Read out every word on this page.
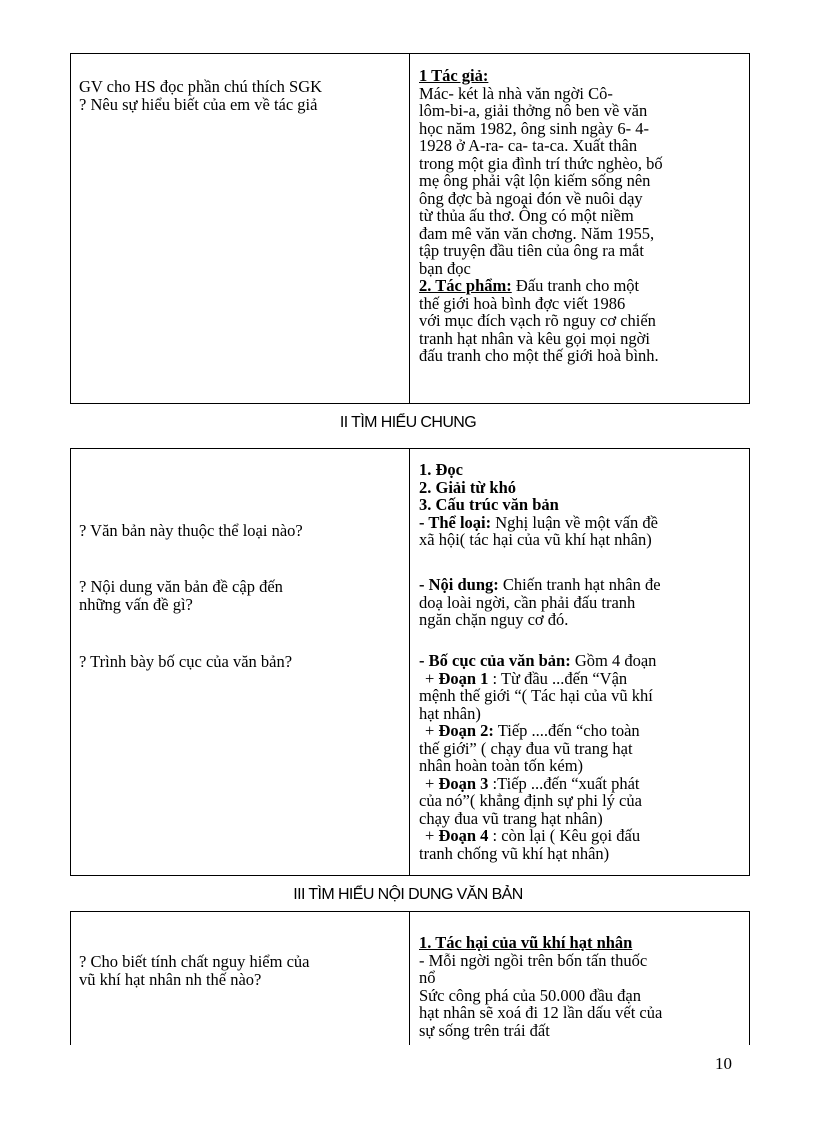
GV cho HS đọc phần chú thích SGK
? Nêu sự hiểu biết của em về tác giả
1 Tác giả:
Mác- két là nhà văn ngời Cô-
lôm-bi-a, giải thởng nô ben về văn
học năm 1982, ông sinh ngày 6- 4-
1928 ở A-ra- ca- ta-ca. Xuất thân
trong một gia đình trí thức nghèo, bố
mẹ ông phải vật lộn kiếm sống nên
ông đợc bà ngoại đón về nuôi dạy
từ thủa ấu thơ. Ông có một niềm
đam mê văn văn chơng. Năm 1955,
tập truyện đầu tiên của ông ra mắt
bạn đọc
2. Tác phẩm: Đấu tranh cho một
thế giới hoà bình đợc viết 1986
với mục đích vạch rõ nguy cơ chiến
tranh hạt nhân và kêu gọi mọi ngời
đấu tranh cho một thế giới hoà bình.
II TÌM HIỂU CHUNG
? Văn bản này thuộc thể loại nào?
? Nội dung văn bản đề cập đến
những vấn đề gì?
? Trình bày bố cục của văn bản?
1. Đọc
2. Giải từ khó
3. Cấu trúc văn bản
- Thể loại: Nghị luận về một vấn đề
xã hội( tác hại của vũ khí hạt nhân)
- Nội dung: Chiến tranh hạt nhân đe
doạ loài ngời, cần phải đấu tranh
ngăn chặn nguy cơ đó.
- Bố cục của văn bản: Gồm 4 đoạn
+ Đoạn 1 : Từ đầu ...đến “Vận
mệnh thế giới “( Tác hại của vũ khí
hạt nhân)
+ Đoạn 2: Tiếp ....đến “cho toàn
thế giới” ( chạy đua vũ trang hạt
nhân hoàn toàn tốn kém)
+ Đoạn 3 :Tiếp ...đến “xuất phát
của nó”( khẳng định sự phi lý của
chạy đua vũ trang hạt nhân)
+ Đoạn 4 : còn lại ( Kêu gọi đấu
tranh chống vũ khí hạt nhân)
III TÌM HIỂU NỘI DUNG VĂN BẢN
? Cho biết tính chất nguy hiểm của
vũ khí hạt nhân nh thế nào?
1. Tác hại của vũ khí hạt nhân
- Mỗi ngời ngồi trên bốn tấn thuốc
nổ
Sức công phá của 50.000 đầu đạn
hạt nhân sẽ xoá đi 12 lần dấu vết của
sự sống trên trái đất
10
